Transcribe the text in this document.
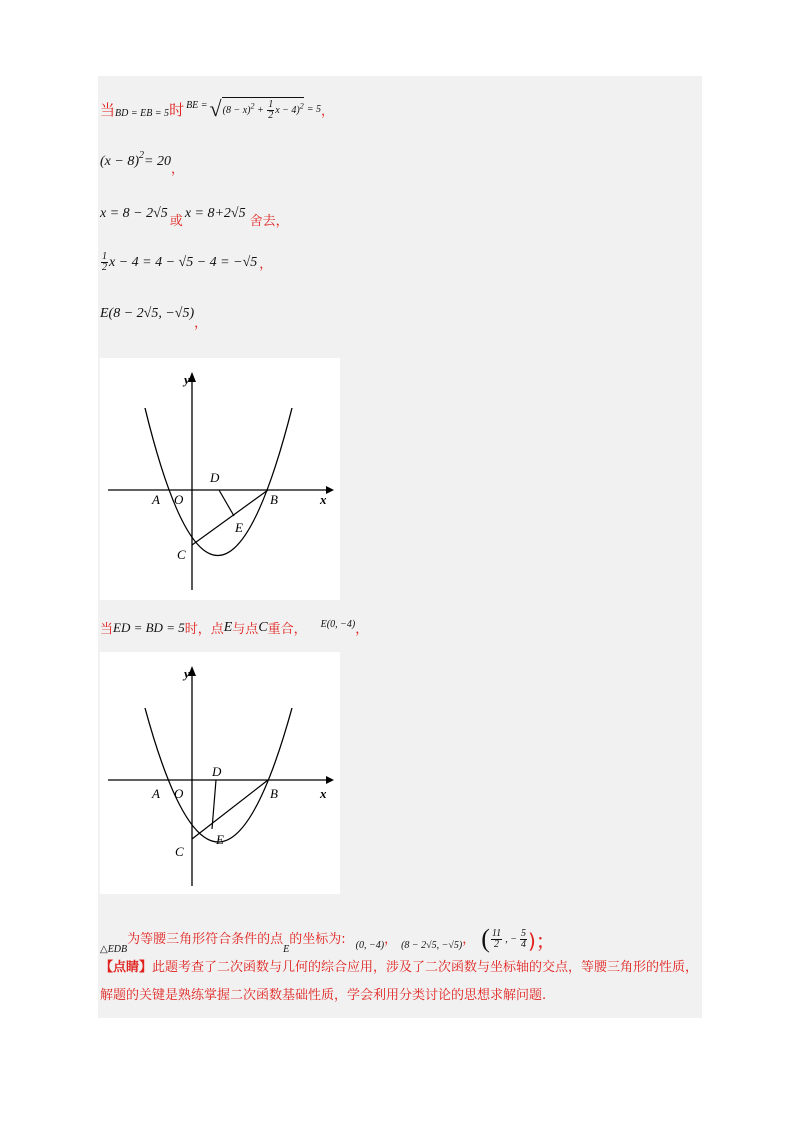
当 BD = EB = 5 时 BE = √ $(8 - x)^2 + \frac{1}{2}$ x − 4)$^2$ = 5 ，
$(x - 8)^2 = 20$
，
x = 8 − 2√5
或
x = 8+2√5
舍去，
$\frac{1}{2}$ x − 4 = 4 − √5 − 4 = −√5 ，
E(8 − 2√5, −√5)
，
y
x
O
A	B
C
D
E
当 ED = BD = 5 时，点 E 与点 C 重合， E(0, −4) ，
y
x
O
A	B
C
D
E
△EDB
为等腰三角形符合条件的点
E
的坐标为: (0, −4) ， (8 − 2√5, −√5) ， ( $\frac{11}{2}$ , − $\frac{5}{4}$ )；
【点睛】此题考查了二次函数与几何的综合应用，涉及了二次函数与坐标轴的交点，等腰三角形的性质，解题的关键是熟练掌握二次函数基础性质，学会利用分类讨论的思想求解问题.
